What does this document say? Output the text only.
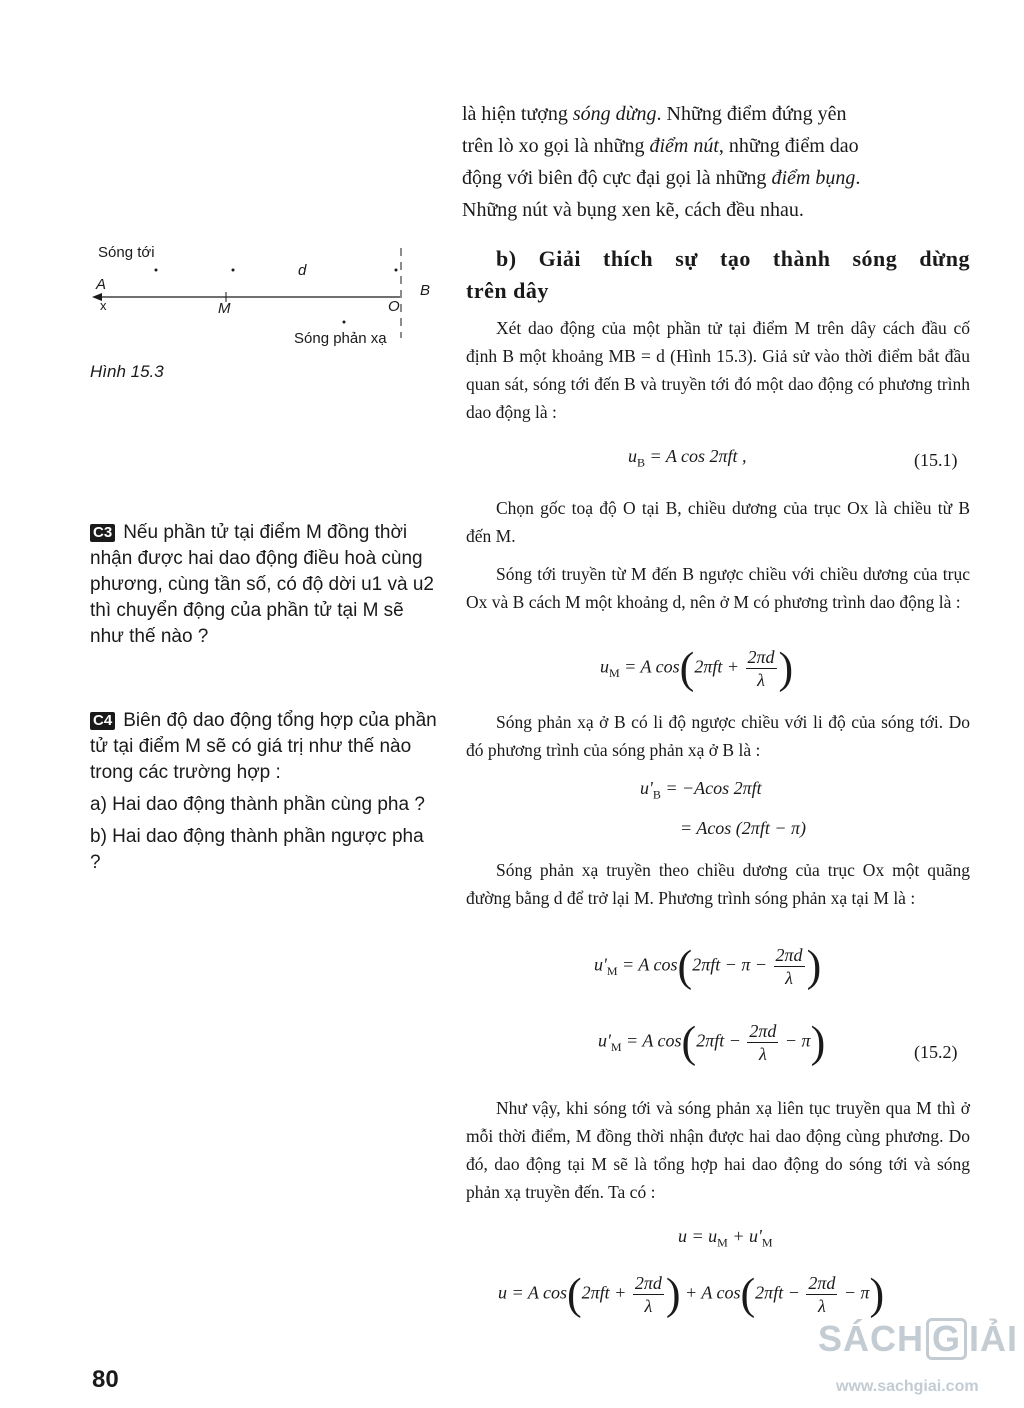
là hiện tượng sóng dừng. Những điểm đứng yên
trên lò xo gọi là những điểm nút, những điểm dao
động với biên độ cực đại gọi là những điểm bụng.
Những nút và bụng xen kẽ, cách đều nhau.
b) Giải thích sự tạo thành sóng dừng
trên dây
Xét dao động của một phần tử tại điểm M trên dây cách đầu cố định B một khoảng MB = d (Hình 15.3). Giả sử vào thời điểm bắt đầu quan sát, sóng tới đến B và truyền tới đó một dao động có phương trình dao động là :
$u_B = A$ cos 2πft ,	(15.1)
Chọn gốc toạ độ O tại B, chiều dương của trục Ox là chiều từ B đến M.
Sóng tới truyền từ M đến B ngược chiều với chiều dương của trục Ox và B cách M một khoảng d, nên ở M có phương trình dao động là :
$u_M = A$ $\cos(2\pi ft + \frac{2\pi d}{\lambda}$ )
Sóng phản xạ ở B có li độ ngược chiều với li độ của sóng tới. Do đó phương trình của sóng phản xạ ở B là :
$u'_B = -Acos$ 2πft
= Acos (2πft − π)
Sóng phản xạ truyền theo chiều dương của trục Ox một quãng đường bằng d để trở lại M. Phương trình sóng phản xạ tại M là :
$u'_M = A$ $\cos(2\pi ft - \pi - \frac{2\pi d}{\lambda}$ )
$u'_M = A$ $\cos(2\pi ft - \frac{2\pi d}{\lambda} - \pi)$	(15.2)
Như vậy, khi sóng tới và sóng phản xạ liên tục truyền qua M thì ở mỗi thời điểm, M đồng thời nhận được hai dao động cùng phương. Do đó, dao động tại M sẽ là tổng hợp hai dao động do sóng tới và sóng phản xạ truyền đến. Ta có :
$u = u_M + u'_M$
u = A $\cos(2\pi ft + \frac{2\pi d}{\lambda}$ ) + A $\cos(2\pi ft - \frac{2\pi d}{\lambda} - \pi)$
Sóng tới
A
x	M
d
O
B
Sóng phản xạ
Hình 15.3
C3 Nếu phần tử tại điểm M đồng thời nhận được hai dao động điều hoà cùng phương, cùng tần số, có độ dời u1 và u2 thì chuyển động của phần tử tại M sẽ như thế nào ?
C4 Biên độ dao động tổng hợp của phần tử tại điểm M sẽ có giá trị như thế nào trong các trường hợp :
a) Hai dao động thành phần cùng pha ?
b) Hai dao động thành phần ngược pha ?
80
SÁCH G IẢI
www.sachgiai.com
